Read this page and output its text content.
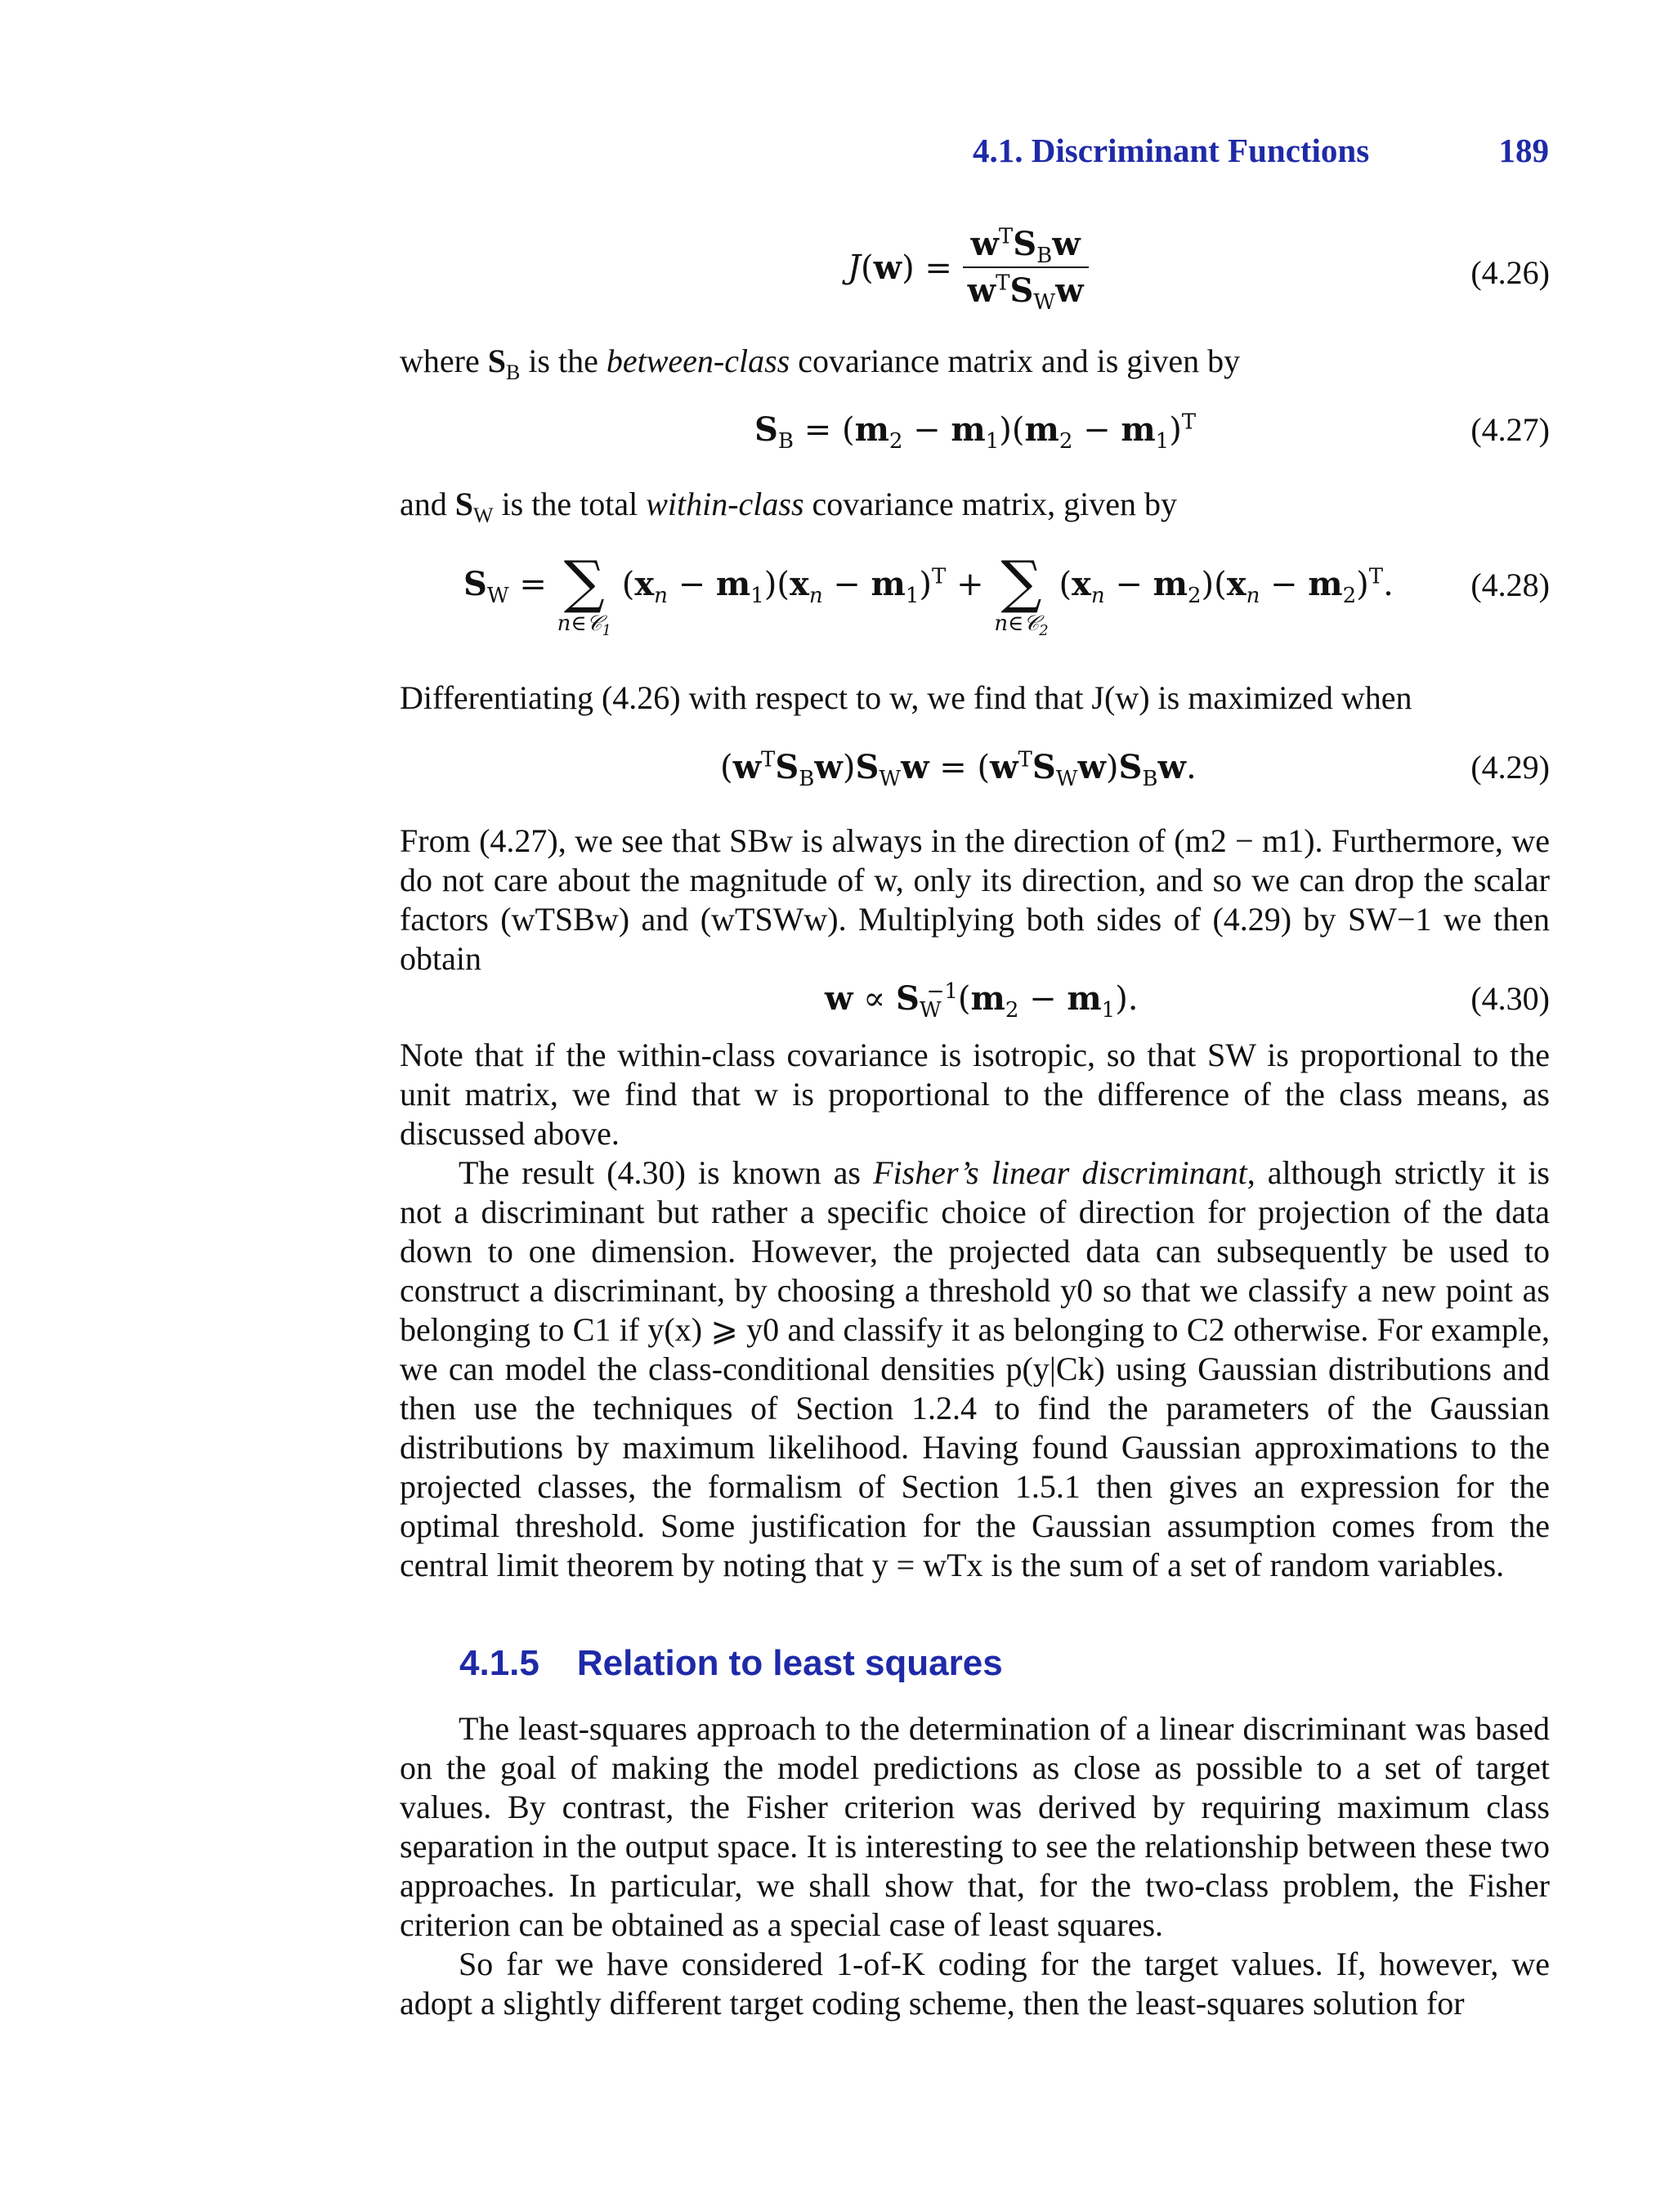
4.1. Discriminant Functions	189
$J(w) = \frac{w^TS_Bw}{w^TS_Ww}$	(4.26)

where $S_B$ is the between-class covariance matrix and is given by

$S_B = (m_2 - m_1)(m_2 - m_1)^T$	(4.27)

and $S_W$ is the total within-class covariance matrix, given by

$S_W$ = ∑
n∈𝒞$_1$
$(x_n - m_1)(x_n - m_1)^T$ + ∑
n∈𝒞$_2$
$(x_n - m_2)(x_n - m_2)^T$. (4.28)

Differentiating (4.26) with respect to w, we find that J(w) is maximized when

$(w^TS_Bw)S_Ww = (w^TS_Ww)S_Bw$.	(4.29)

From (4.27), we see that SBw is always in the direction of (m2 − m1). Furthermore, we do not care about the magnitude of w, only its direction, and so we can drop the scalar factors (wTSBw) and (wTSWw). Multiplying both sides of (4.29) by SW−1 we then obtain

$w \propto S_W^{-1}(m_2 - m_1)$.	(4.30)

Note that if the within-class covariance is isotropic, so that SW is proportional to the unit matrix, we find that w is proportional to the difference of the class means, as discussed above.

The result (4.30) is known as Fisher’s linear discriminant, although strictly it is not a discriminant but rather a specific choice of direction for projection of the data down to one dimension. However, the projected data can subsequently be used to construct a discriminant, by choosing a threshold y0 so that we classify a new point as belonging to C1 if y(x) ⩾ y0 and classify it as belonging to C2 otherwise. For example, we can model the class-conditional densities p(y|Ck) using Gaussian distributions and then use the techniques of Section 1.2.4 to find the parameters of the Gaussian distributions by maximum likelihood. Having found Gaussian approximations to the projected classes, the formalism of Section 1.5.1 then gives an expression for the optimal threshold. Some justification for the Gaussian assumption comes from the central limit theorem by noting that y = wTx is the sum of a set of random variables.

4.1.5 Relation to least squares

The least-squares approach to the determination of a linear discriminant was based on the goal of making the model predictions as close as possible to a set of target values. By contrast, the Fisher criterion was derived by requiring maximum class separation in the output space. It is interesting to see the relationship between these two approaches. In particular, we shall show that, for the two-class problem, the Fisher criterion can be obtained as a special case of least squares.

So far we have considered 1-of-K coding for the target values. If, however, we adopt a slightly different target coding scheme, then the least-squares solution for
